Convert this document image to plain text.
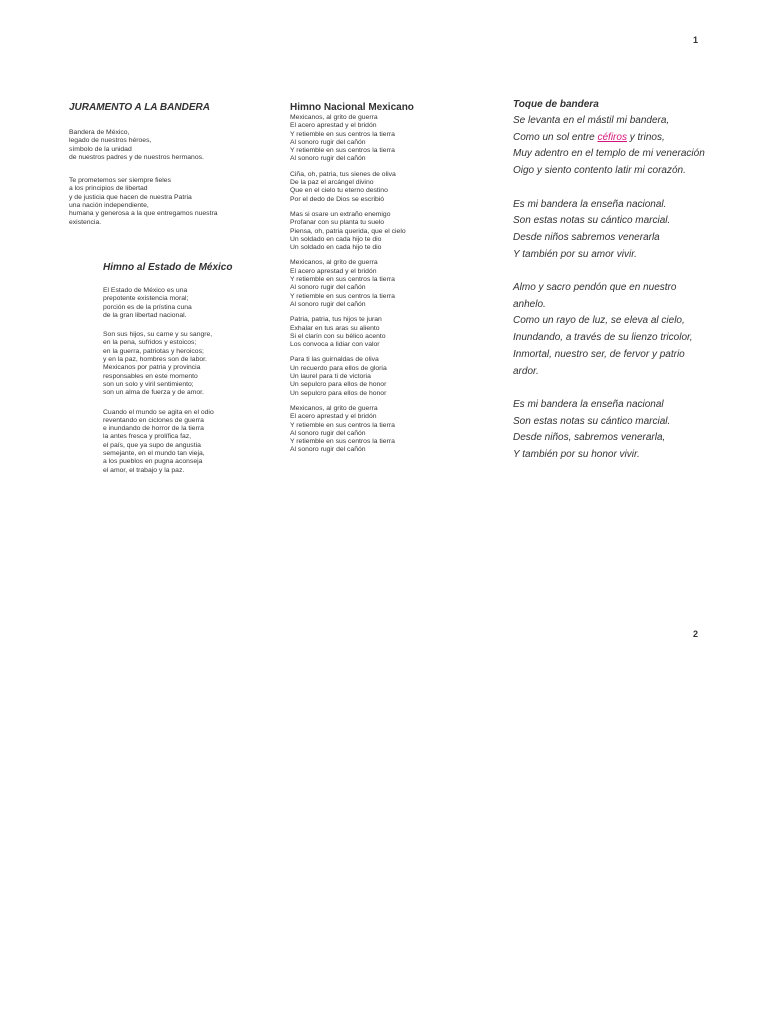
1
2
JURAMENTO A LA BANDERA
Bandera de México,
legado de nuestros héroes,
símbolo de la unidad
de nuestros padres y de nuestros hermanos.
Te prometemos ser siempre fieles
a los principios de libertad
y de justicia que hacen de nuestra Patria
una nación independiente,
humana y generosa a la que entregamos nuestra
existencia.
Himno al Estado de México
El Estado de México es una
prepotente existencia moral;
porción es de la prístina cuna
de la gran libertad nacional.
Son sus hijos, su carne y su sangre,
en la pena, sufridos y estoicos;
en la guerra, patriotas y heroicos;
y en la paz, hombres son de labor.
Mexicanos por patria y provincia
responsables en este momento
son un solo y viril sentimiento;
son un alma de fuerza y de amor.
Cuando el mundo se agita en el odio
reventando en ciclones de guerra
e inundando de horror de la tierra
la antes fresca y prolífica faz,
el país, que ya supo de angustia
semejante, en el mundo tan vieja,
a los pueblos en pugna aconseja
el amor, el trabajo y la paz.
Himno Nacional Mexicano
Mexicanos, al grito de guerra
El acero aprestad y el bridón
Y retiemble en sus centros la tierra
Al sonoro rugir del cañón
Y retiemble en sus centros la tierra
Al sonoro rugir del cañón
Ciña, oh, patria, tus sienes de oliva
De la paz el arcángel divino
Que en el cielo tu eterno destino
Por el dedo de Dios se escribió
Mas si osare un extraño enemigo
Profanar con su planta tu suelo
Piensa, oh, patria querida, que el cielo
Un soldado en cada hijo te dio
Un soldado en cada hijo te dio
Mexicanos, al grito de guerra
El acero aprestad y el bridón
Y retiemble en sus centros la tierra
Al sonoro rugir del cañón
Y retiemble en sus centros la tierra
Al sonoro rugir del cañón
Patria, patria, tus hijos te juran
Exhalar en tus aras su aliento
Si el clarín con su bélico acento
Los convoca a lidiar con valor
Para ti las guirnaldas de oliva
Un recuerdo para ellos de gloria
Un laurel para ti de victoria
Un sepulcro para ellos de honor
Un sepulcro para ellos de honor
Mexicanos, al grito de guerra
El acero aprestad y el bridón
Y retiemble en sus centros la tierra
Al sonoro rugir del cañón
Y retiemble en sus centros la tierra
Al sonoro rugir del cañón
Toque de bandera
Se levanta en el mástil mi bandera,
Como un sol entre céfiros y trinos,
Muy adentro en el templo de mi veneración
Oigo y siento contento latir mi corazón.
Es mi bandera la enseña nacional.
Son estas notas su cántico marcial.
Desde niños sabremos venerarla
Y también por su amor vivir.
Almo y sacro pendón que en nuestro
anhelo.
Como un rayo de luz, se eleva al cielo,
Inundando, a través de su lienzo tricolor,
Inmortal, nuestro ser, de fervor y patrio
ardor.
Es mi bandera la enseña nacional
Son estas notas su cántico marcial.
Desde niños, sabremos venerarla,
Y también por su honor vivir.
